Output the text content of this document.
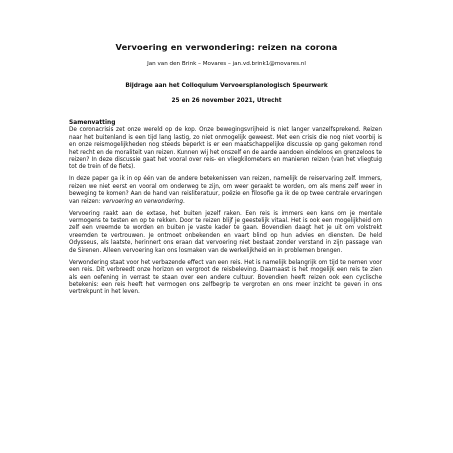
Vervoering en verwondering: reizen na corona
Jan van den Brink – Movares – jan.vd.brink1@movares.nl
Bijdrage aan het Colloquium Vervoersplanologisch Speurwerk
25 en 26 november 2021, Utrecht
Samenvatting

De coronacrisis zet onze wereld op de kop. Onze bewegingsvrijheid is niet langer vanzelfsprekend. Reizen naar het buitenland is een tijd lang lastig, zo niet onmogelijk geweest. Met een crisis die nog niet voorbij is en onze reismogelijkheden nog steeds beperkt is er een maatschappelijke discussie op gang gekomen rond het recht en de moraliteit van reizen. Kunnen wij het onszelf en de aarde aandoen eindeloos en grenzeloos te reizen? In deze discussie gaat het vooral over reis- en vliegkilometers en manieren reizen (van het vliegtuig tot de trein of de fiets).

In deze paper ga ik in op één van de andere betekenissen van reizen, namelijk de reiservaring zelf. Immers, reizen we niet eerst en vooral om onderweg te zijn, om weer geraakt te worden, om als mens zelf weer in beweging te komen? Aan de hand van reisliteratuur, poëzie en filosofie ga ik de op twee centrale ervaringen van reizen: vervoering en verwondering.

Vervoering raakt aan de extase, het buiten jezelf raken. Een reis is immers een kans om je mentale vermogens te testen en op te rekken. Door te reizen blijf je geestelijk vitaal. Het is ook een mogelijkheid om zelf een vreemde te worden en buiten je vaste kader te gaan. Bovendien daagt het je uit om volstrekt vreemden te vertrouwen. Je ontmoet onbekenden en vaart blind op hun advies en diensten. De held Odysseus, als laatste, herinnert ons eraan dat vervoering niet bestaat zonder verstand in zijn passage van de Sirenen. Alleen vervoering kan ons losmaken van de werkelijkheid en in problemen brengen.

Verwondering staat voor het verbazende effect van een reis. Het is namelijk belangrijk om tijd te nemen voor een reis. Dit verbreedt onze horizon en vergroot de reisbeleving. Daarnaast is het mogelijk een reis te zien als een oefening in verrast te staan over een andere cultuur. Bovendien heeft reizen ook een cyclische betekenis: een reis heeft het vermogen ons zelfbegrip te vergroten en ons meer inzicht te geven in ons vertrekpunt in het leven.
